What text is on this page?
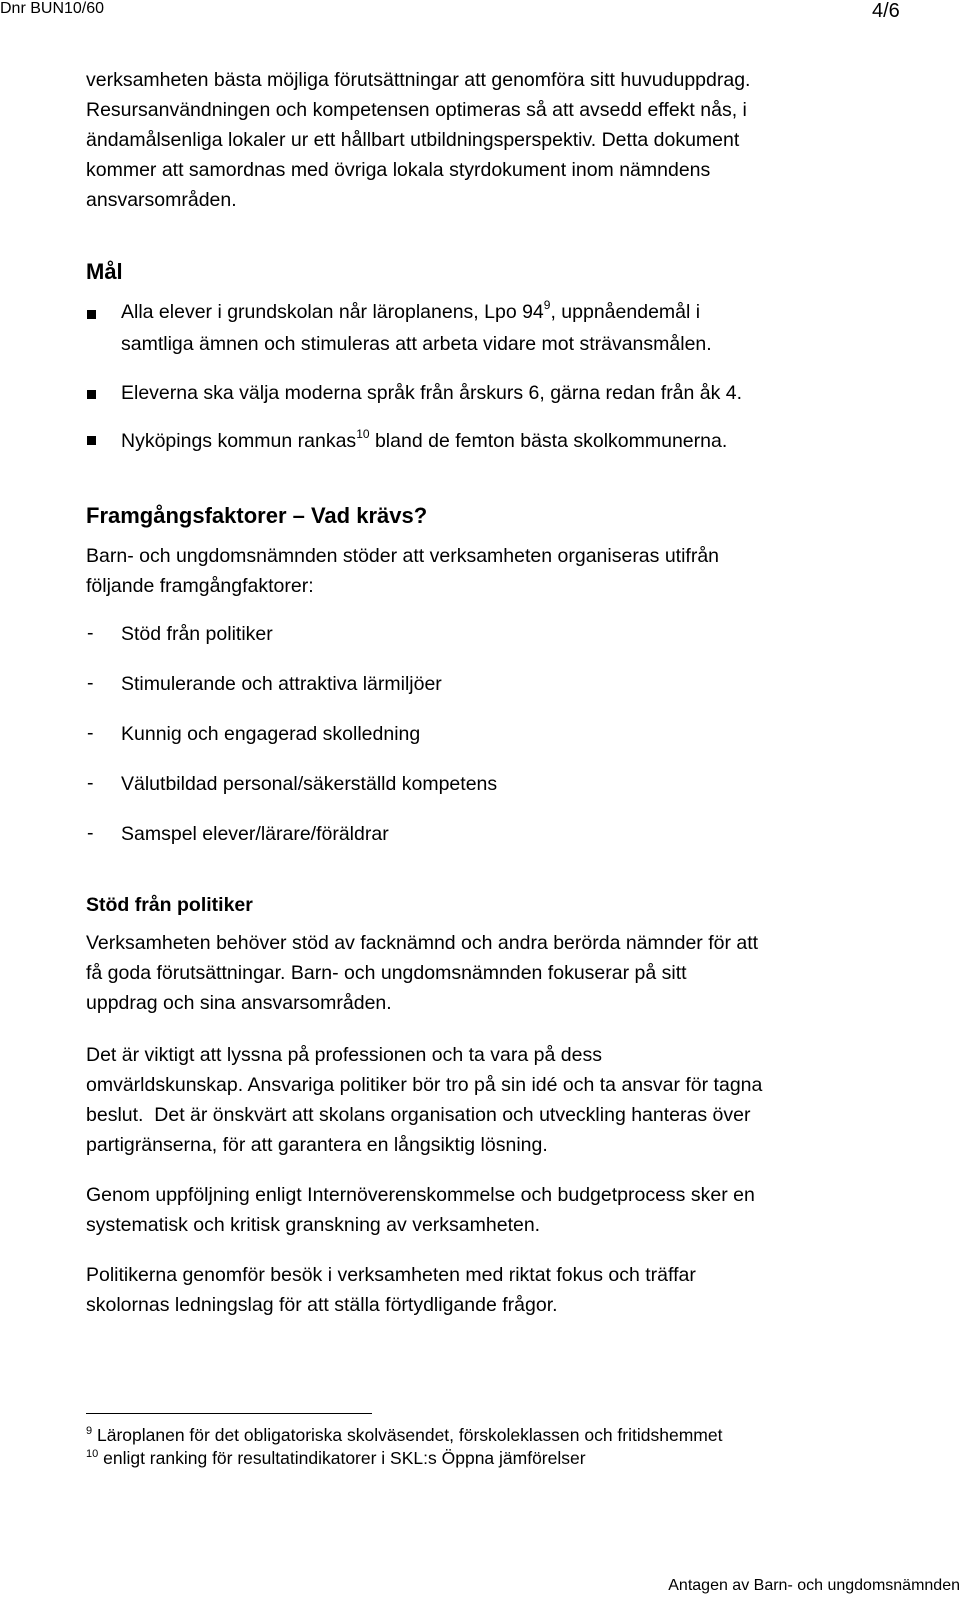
Dnr BUN10/60	4/6
verksamheten bästa möjliga förutsättningar att genomföra sitt huvuduppdrag.
Resursanvändningen och kompetensen optimeras så att avsedd effekt nås, i
ändamålsenliga lokaler ur ett hållbart utbildningsperspektiv. Detta dokument
kommer att samordnas med övriga lokala styrdokument inom nämndens
ansvarsområden.
Mål
Alla elever i grundskolan når läroplanens, Lpo $94^9$, uppnåendemål i
samtliga ämnen och stimuleras att arbeta vidare mot strävansmålen.
Eleverna ska välja moderna språk från årskurs 6, gärna redan från åk 4.
Nyköpings kommun rankas$^{10}$ bland de femton bästa skolkommunerna.
Framgångsfaktorer – Vad krävs?
Barn- och ungdomsnämnden stöder att verksamheten organiseras utifrån
följande framgångfaktorer:
- Stöd från politiker
- Stimulerande och attraktiva lärmiljöer
- Kunnig och engagerad skolledning
- Välutbildad personal/säkerställd kompetens
- Samspel elever/lärare/föräldrar
Stöd från politiker
Verksamheten behöver stöd av facknämnd och andra berörda nämnder för att
få goda förutsättningar. Barn- och ungdomsnämnden fokuserar på sitt
uppdrag och sina ansvarsområden.
Det är viktigt att lyssna på professionen och ta vara på dess
omvärldskunskap. Ansvariga politiker bör tro på sin idé och ta ansvar för tagna
beslut.  Det är önskvärt att skolans organisation och utveckling hanteras över
partigränserna, för att garantera en långsiktig lösning.
Genom uppföljning enligt Internöverenskommelse och budgetprocess sker en
systematisk och kritisk granskning av verksamheten.
Politikerna genomför besök i verksamheten med riktat fokus och träffar
skolornas ledningslag för att ställa förtydligande frågor.
$^9$ Läroplanen för det obligatoriska skolväsendet, förskoleklassen och fritidshemmet
$^{10}$ enligt ranking för resultatindikatorer i SKL:s Öppna jämförelser
Antagen av Barn- och ungdomsnämnden
